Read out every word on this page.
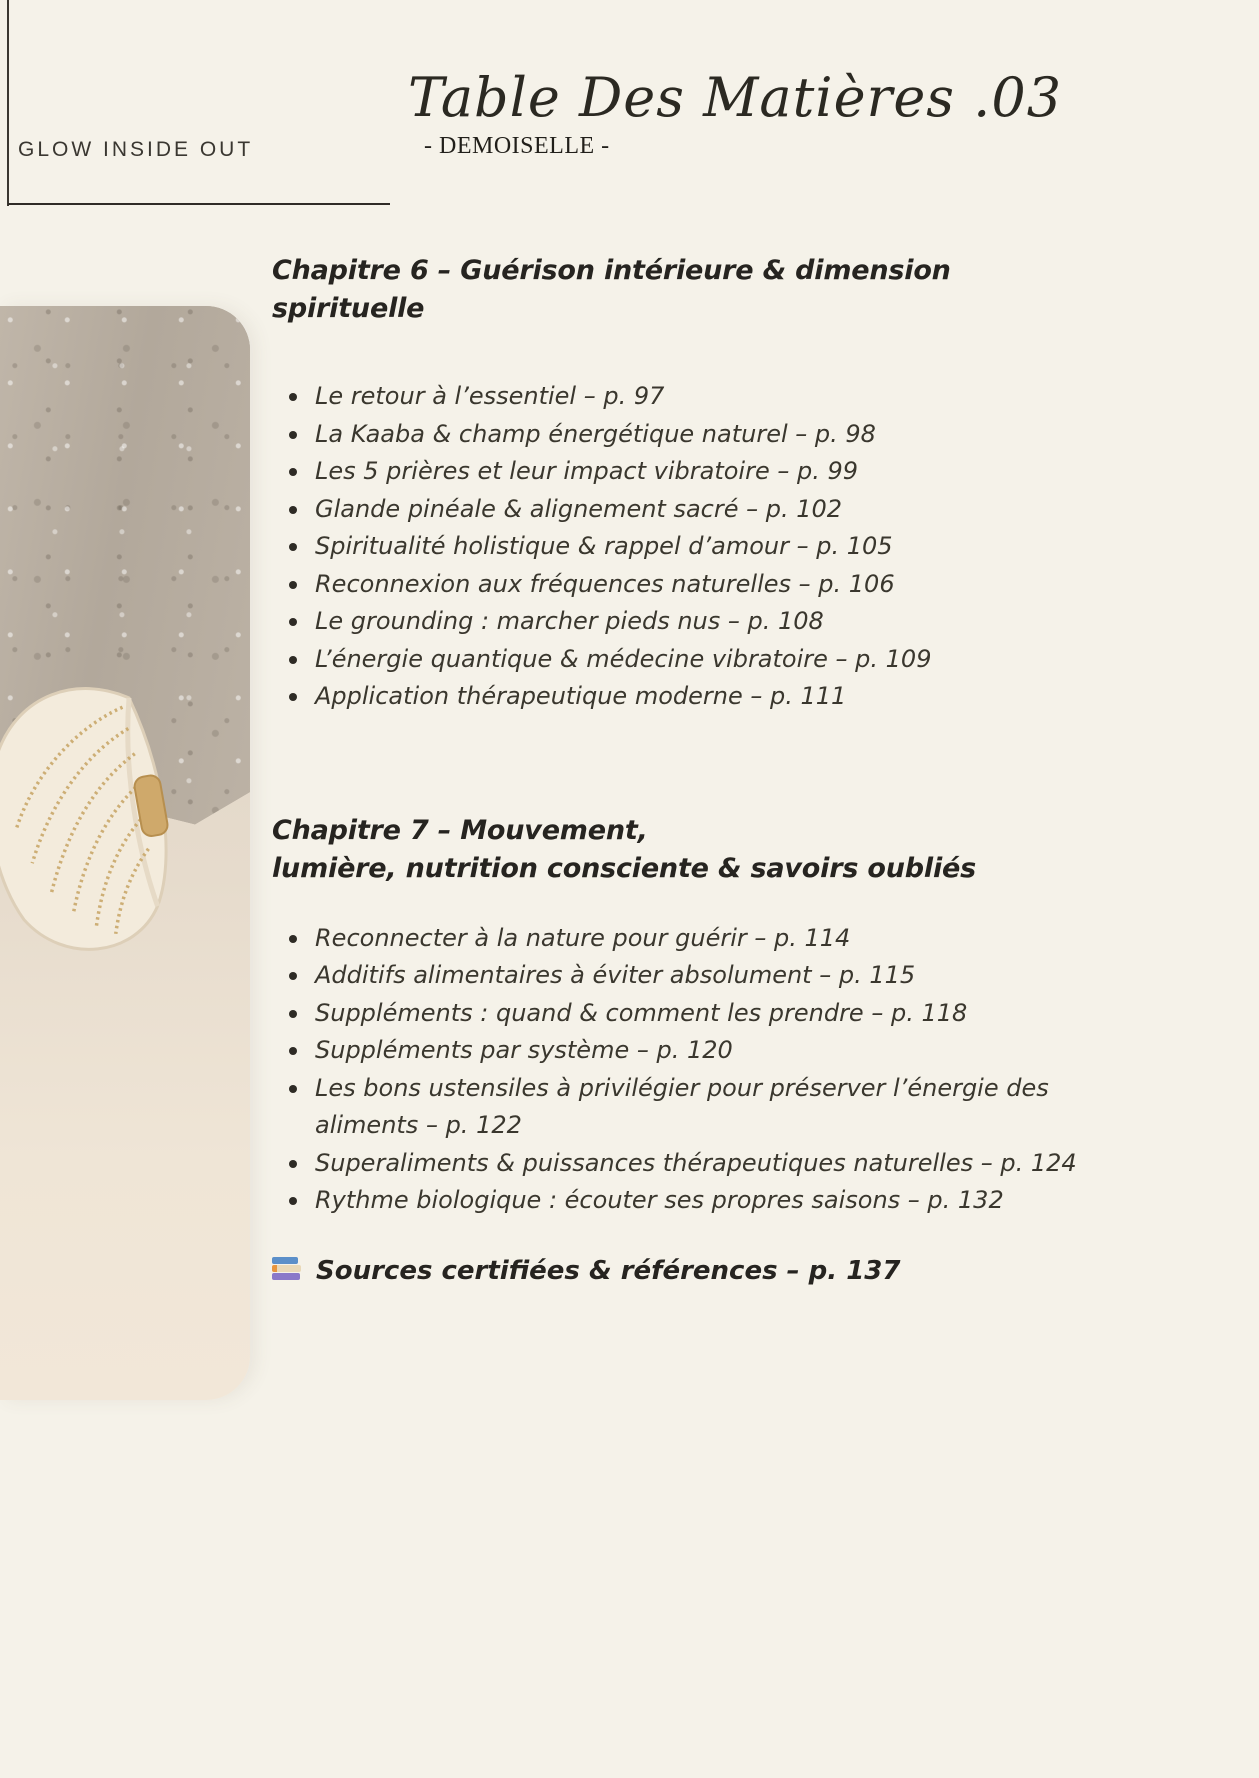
GLOW INSIDE OUT
Table Des Matières .03
- DEMOISELLE -
Chapitre 6 – Guérison intérieure & dimension spirituelle
Le retour à l’essentiel – p. 97
La Kaaba & champ énergétique naturel – p. 98
Les 5 prières et leur impact vibratoire – p. 99
Glande pinéale & alignement sacré – p. 102
Spiritualité holistique & rappel d’amour – p. 105
Reconnexion aux fréquences naturelles – p. 106
Le grounding : marcher pieds nus – p. 108
L’énergie quantique & médecine vibratoire – p. 109
Application thérapeutique moderne – p. 111
Chapitre 7 – Mouvement,
lumière, nutrition consciente & savoirs oubliés
Reconnecter à la nature pour guérir – p. 114
Additifs alimentaires à éviter absolument – p. 115
Suppléments : quand & comment les prendre – p. 118
Suppléments par système – p. 120
Les bons ustensiles à privilégier pour préserver l’énergie des aliments – p. 122
Superaliments & puissances thérapeutiques naturelles – p. 124
Rythme biologique : écouter ses propres saisons – p. 132
Sources certifiées & références – p. 137
